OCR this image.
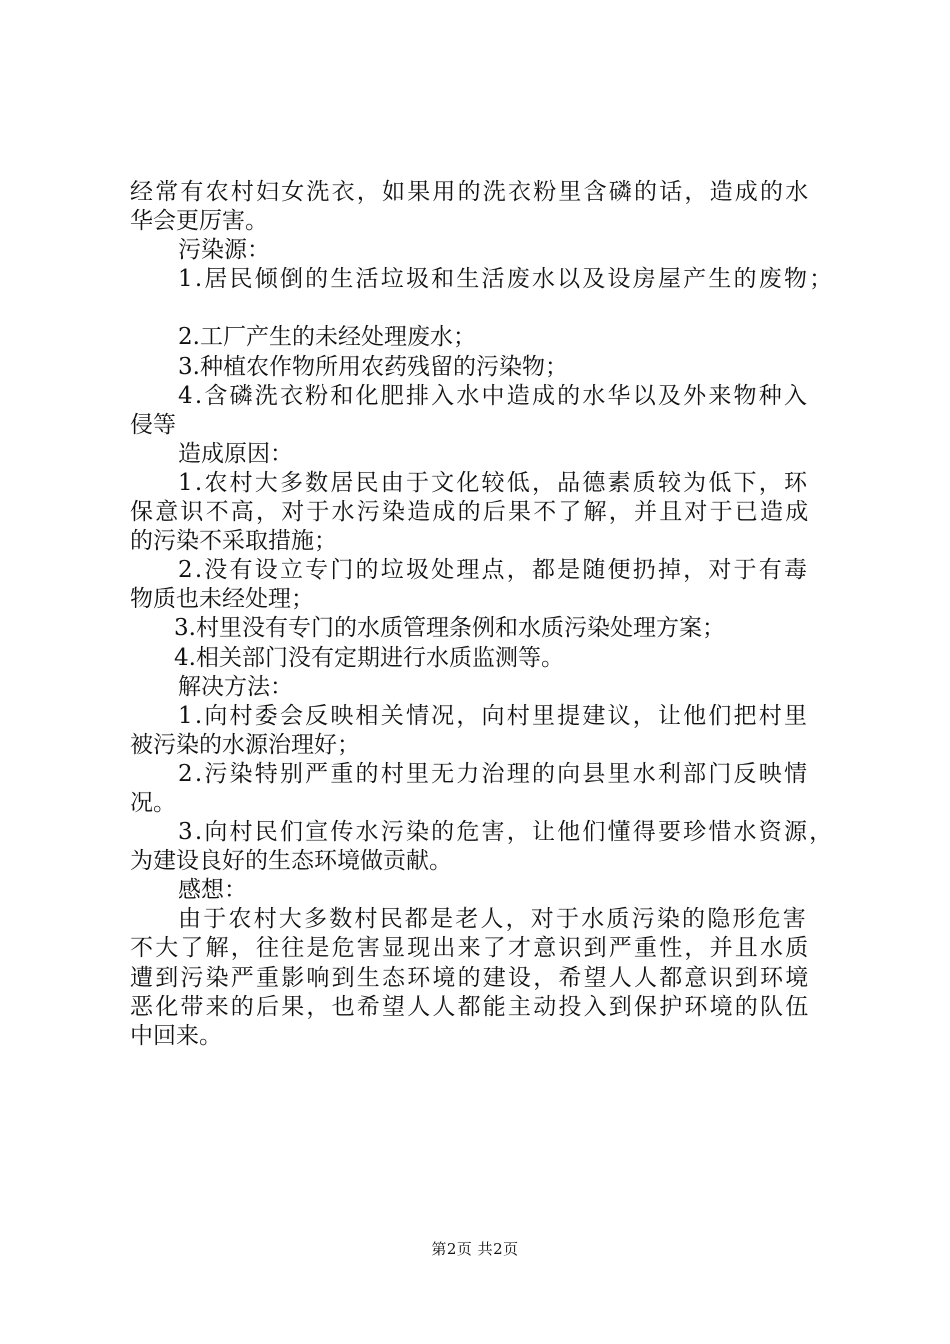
经常有农村妇女洗衣，如果用的洗衣粉里含磷的话，造成的水
华会更厉害。
污染源：
1.居民倾倒的生活垃圾和生活废水以及设房屋产生的废物；
2.工厂产生的未经处理废水；
3.种植农作物所用农药残留的污染物；
4.含磷洗衣粉和化肥排入水中造成的水华以及外来物种入
侵等
造成原因：
1.农村大多数居民由于文化较低，品德素质较为低下，环
保意识不高，对于水污染造成的后果不了解，并且对于已造成
的污染不采取措施；
2.没有设立专门的垃圾处理点，都是随便扔掉，对于有毒
物质也未经处理；
3.村里没有专门的水质管理条例和水质污染处理方案；
4.相关部门没有定期进行水质监测等。
解决方法：
1.向村委会反映相关情况，向村里提建议，让他们把村里
被污染的水源治理好；
2.污染特别严重的村里无力治理的向县里水利部门反映情
况。
3.向村民们宣传水污染的危害，让他们懂得要珍惜水资源，
为建设良好的生态环境做贡献。
感想：
由于农村大多数村民都是老人，对于水质污染的隐形危害
不大了解，往往是危害显现出来了才意识到严重性，并且水质
遭到污染严重影响到生态环境的建设，希望人人都意识到环境
恶化带来的后果，也希望人人都能主动投入到保护环境的队伍
中回来。
第2页 共2页
